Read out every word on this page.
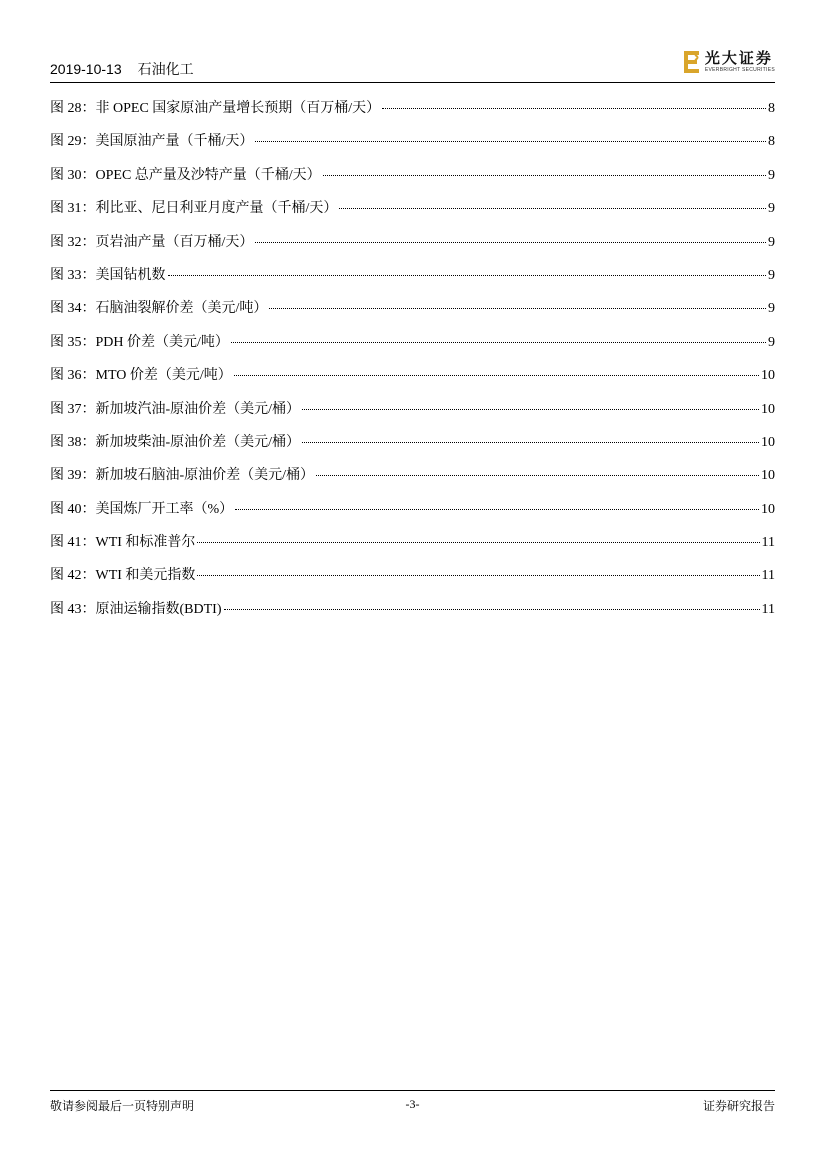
2019-10-13 石油化工
光大证券
EVERBRIGHT SECURITIES
图 28：非 OPEC 国家原油产量增长预期（百万桶/天）	8
图 29：美国原油产量（千桶/天）	8
图 30：OPEC 总产量及沙特产量（千桶/天）	9
图 31：利比亚、尼日利亚月度产量（千桶/天）	9
图 32：页岩油产量（百万桶/天）	9
图 33：美国钻机数	9
图 34：石脑油裂解价差（美元/吨）	9
图 35：PDH 价差（美元/吨）	9
图 36：MTO 价差（美元/吨）	10
图 37：新加坡汽油-原油价差（美元/桶）	10
图 38：新加坡柴油-原油价差（美元/桶）	10
图 39：新加坡石脑油-原油价差（美元/桶）	10
图 40：美国炼厂开工率（%）	10
图 41：WTI 和标准普尔	11
图 42：WTI 和美元指数	11
图 43：原油运输指数(BDTI)	11
敬请参阅最后一页特别声明	-3-	证券研究报告
